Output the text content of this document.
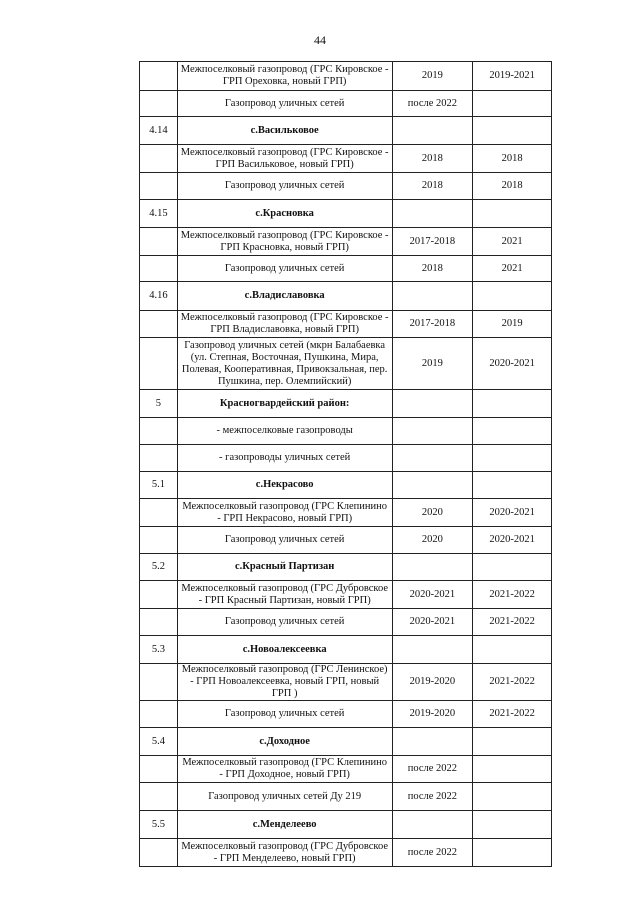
44
	Межпоселковый газопровод (ГРС Кировское - ГРП Ореховка, новый ГРП)	2019	2019-2021
	Газопровод уличных сетей	после 2022	
4.14	с.Васильковое		
	Межпоселковый газопровод (ГРС Кировское - ГРП Васильковое, новый ГРП)	2018	2018
	Газопровод уличных сетей	2018	2018
4.15	с.Красновка		
	Межпоселковый газопровод (ГРС Кировское - ГРП Красновка, новый ГРП)	2017-2018	2021
	Газопровод уличных сетей	2018	2021
4.16	с.Владиславовка		
	Межпоселковый газопровод (ГРС Кировское - ГРП Владиславовка, новый ГРП)	2017-2018	2019
	Газопровод уличных сетей (мкрн Балабаевка (ул. Степная, Восточная, Пушкина, Мира, Полевая, Кооперативная, Привокзальная, пер. Пушкина, пер. Олемпийский)	2019	2020-2021
5	Красногвардейский район:		
	- межпоселковые газопроводы		
	- газопроводы уличных сетей		
5.1	с.Некрасово		
	Межпоселковый газопровод (ГРС Клепинино - ГРП Некрасово, новый ГРП)	2020	2020-2021
	Газопровод уличных сетей	2020	2020-2021
5.2	с.Красный Партизан		
	Межпоселковый газопровод (ГРС Дубровское - ГРП Красный Партизан, новый ГРП)	2020-2021	2021-2022
	Газопровод уличных сетей	2020-2021	2021-2022
5.3	с.Новоалексеевка		
	Межпоселковый газопровод (ГРС Ленинское) - ГРП Новоалексеевка, новый ГРП, новый ГРП )	2019-2020	2021-2022
	Газопровод уличных сетей	2019-2020	2021-2022
5.4	с.Доходное		
	Межпоселковый газопровод (ГРС Клепинино - ГРП Доходное, новый ГРП)	после 2022	
	Газопровод уличных сетей Ду 219	после 2022	
5.5	с.Менделеево		
	Межпоселковый газопровод (ГРС Дубровское - ГРП Менделеево, новый ГРП)	после 2022	
